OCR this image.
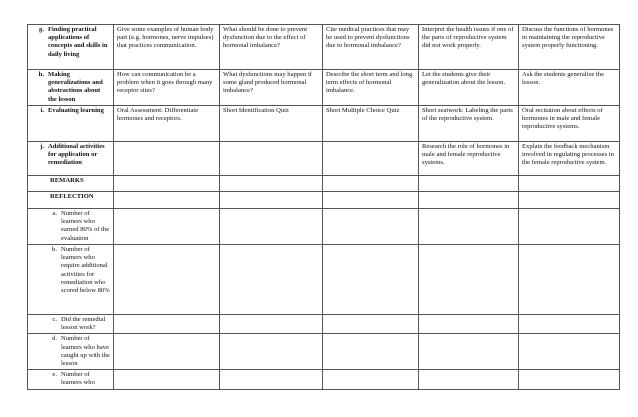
g. Finding practical applications of concepts and skills in daily living	Give some examples of human body part (e.g. hormones, nerve impulses) that practices communication.	What should be done to prevent dysfunction due to the effect of hormonal imbalance?	Cite medical practices that may be used to prevent dysfunctions due to hormonal imbalance?	Interpret the health issues if one of the parts of reproductive system did not work properly.	Discuss the functions of hormones in maintaining the reproductive system properly functioning.

h. Making generalizations and abstractions about the lesson	How can communication be a problem when it goes through many receptor sites?	What dysfunctions may happen if some gland produced hormonal imbalance?	Describe the short term and long term effects of hormonal imbalance.	Let the students give their generalization about the lesson.	Ask the students generalize the lesson.

i. Evaluating learning	Oral Assessment: Differentiate hormones and receptors.	Short Identification Quiz	Short Multiple Choice Quiz	Short seatwork: Labeling the parts of the reproductive system.	Oral recitation about effects of hormones in male and female reproductive systems.

j. Additional activities for application or remediation				Research the role of hormones in male and female reproductive systems.	Explain the feedback mechanism involved in regulating processes in the female reproductive system.

REMARKS					

REFLECTION					

a. Number of learners who earned 80% of the evaluation					

b. Number of learners who require additional activities for remediation who scored below 80%					

c. Did the remedial lesson work?					

d. Number of learners who have caught up with the lesson					

e. Number of learners who					
